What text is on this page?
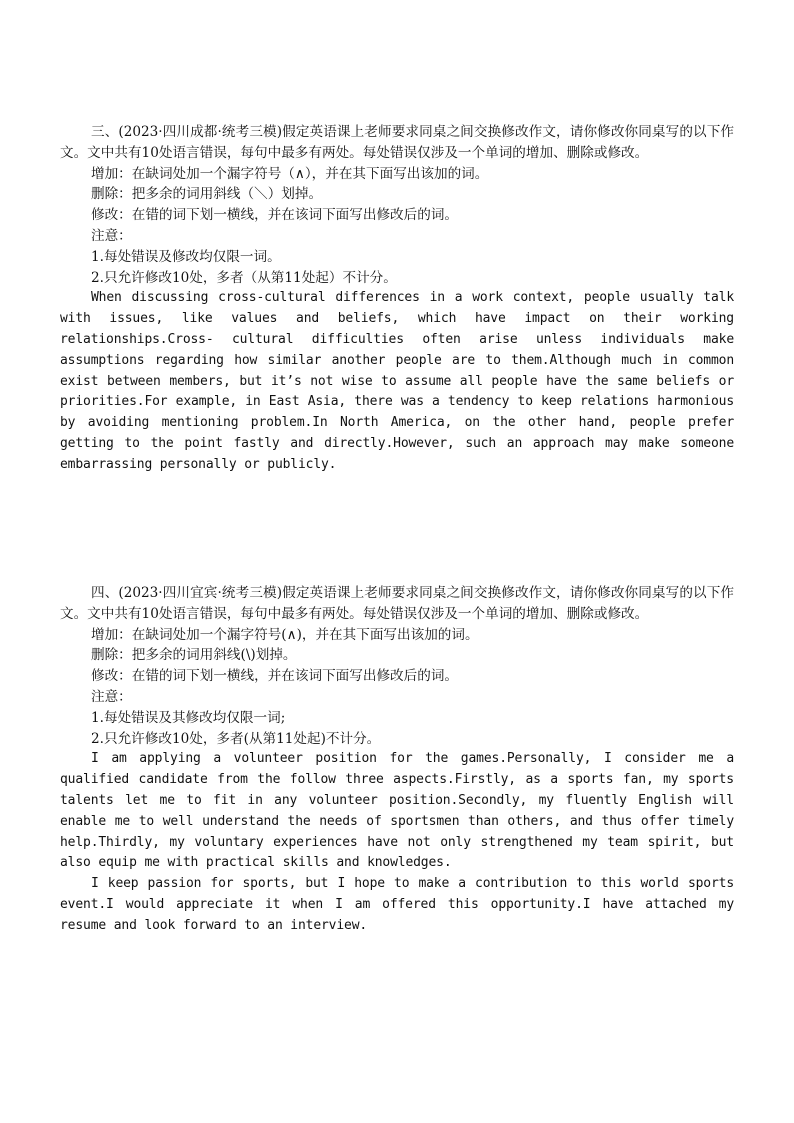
三、(2023·四川成都·统考三模)假定英语课上老师要求同桌之间交换修改作文，请你修改你同桌写的以下作文。文中共有10处语言错误，每句中最多有两处。每处错误仅涉及一个单词的增加、删除或修改。

增加：在缺词处加一个漏字符号（∧），并在其下面写出该加的词。

删除：把多余的词用斜线（＼）划掉。

修改：在错的词下划一横线，并在该词下面写出修改后的词。

注意：

1.每处错误及修改均仅限一词。

2.只允许修改10处，多者（从第11处起）不计分。

When discussing cross-cultural differences in a work context, people usually talk with issues, like values and beliefs, which have impact on their working relationships.Cross- cultural difficulties often arise unless individuals make assumptions regarding how similar another people are to them.Although much in common exist between members, but it’s not wise to assume all people have the same beliefs or priorities.For example, in East Asia, there was a tendency to keep relations harmonious by avoiding mentioning problem.In North America, on the other hand, people prefer getting to the point fastly and directly.However, such an approach may make someone embarrassing personally or publicly.

四、(2023·四川宜宾·统考三模)假定英语课上老师要求同桌之间交换修改作文，请你修改你同桌写的以下作文。文中共有10处语言错误，每句中最多有两处。每处错误仅涉及一个单词的增加、删除或修改。

增加：在缺词处加一个漏字符号(∧)，并在其下面写出该加的词。

删除：把多余的词用斜线(\)划掉。

修改：在错的词下划一横线，并在该词下面写出修改后的词。

注意：

1.每处错误及其修改均仅限一词;

2.只允许修改10处，多者(从第11处起)不计分。

I am applying a volunteer position for the games.Personally, I consider me a qualified candidate from the follow three aspects.Firstly, as a sports fan, my sports talents let me to fit in any volunteer position.Secondly, my fluently English will enable me to well understand the needs of sportsmen than others, and thus offer timely help.Thirdly, my voluntary experiences have not only strengthened my team spirit, but also equip me with practical skills and knowledges.

I keep passion for sports, but I hope to make a contribution to this world sports event.I would appreciate it when I am offered this opportunity.I have attached my resume and look forward to an interview.
